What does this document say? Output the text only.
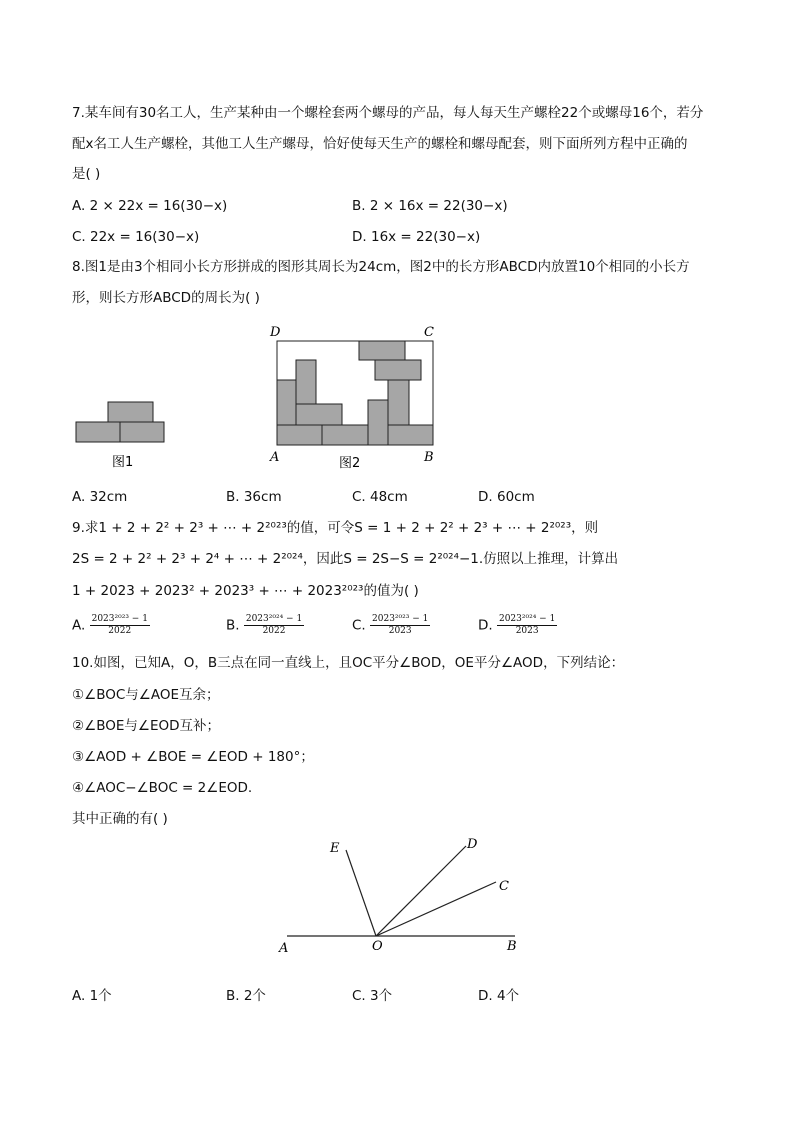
7.某车间有30名工人，生产某种由一个螺栓套两个螺母的产品，每人每天生产螺栓22个或螺母16个，若分
配x名工人生产螺栓，其他工人生产螺母，恰好使每天生产的螺栓和螺母配套，则下面所列方程中正确的
是( )
A. 2 × 22x = 16(30−x)	B. 2 × 16x = 22(30−x)
C. 22x = 16(30−x)	D. 16x = 22(30−x)
8.图1是由3个相同小长方形拼成的图形其周长为24cm，图2中的长方形ABCD内放置10个相同的小长方
形，则长方形ABCD的周长为( )
图1
D	C
A	B
图2
A. 32cm	B. 36cm	C. 48cm	D. 60cm
9.求1 + 2 + 2² + 2³ + ⋯ + 2²⁰²³的值，可令S = 1 + 2 + 2² + 2³ + ⋯ + 2²⁰²³，则
2S = 2 + 2² + 2³ + 2⁴ + ⋯ + 2²⁰²⁴，因此S = 2S−S = 2²⁰²⁴−1.仿照以上推理，计算出
1 + 2023 + 2023² + 2023³ + ⋯ + 2023²⁰²³的值为( )
A. $\frac{\text{2023²⁰²³ − 1}}{2022}$	B. $\frac{\text{2023²⁰²⁴ − 1}}{2022}$	C. $\frac{\text{2023²⁰²³ − 1}}{2023}$	D. $\frac{\text{2023²⁰²⁴ − 1}}{2023}$
10.如图，已知A，O，B三点在同一直线上，且OC平分∠BOD，OE平分∠AOD，下列结论：
①∠BOC与∠AOE互余；
②∠BOE与∠EOD互补；
③∠AOD + ∠BOE = ∠EOD + 180°；
④∠AOC−∠BOC = 2∠EOD.
其中正确的有( )
E	D
C
A	O	B
A. 1个	B. 2个	C. 3个	D. 4个
